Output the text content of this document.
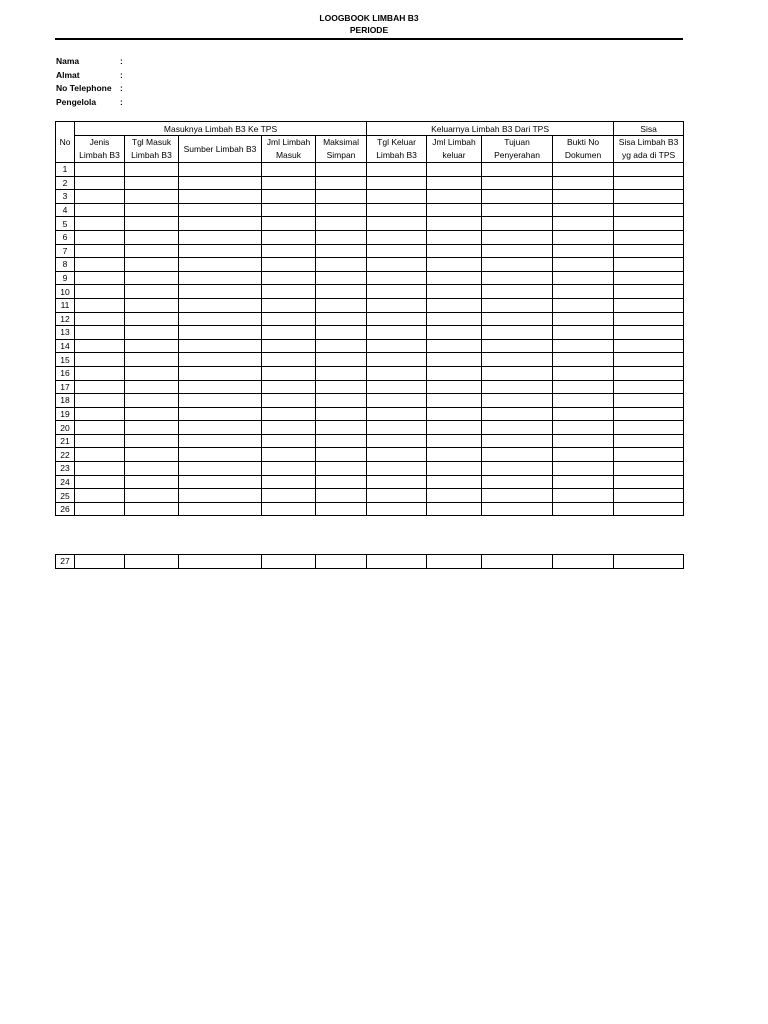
LOOGBOOK LIMBAH B3
PERIODE
Nama	:
Almat	:
No Telephone :
Pengelola	:
No	Masuknya Limbah B3 Ke TPS					Keluarnya Limbah B3 Dari TPS				Sisa
	Jenis Limbah B3	Tgl Masuk Limbah B3	Sumber Limbah B3	Jml Limbah Masuk	Maksimal Simpan	Tgl Keluar Limbah B3	Jml Limbah keluar	Tujuan Penyerahan	Bukti No Dokumen	Sisa Limbah B3 yg ada di TPS
1										
2										
3										
4										
5										
6										
7										
8										
9										
10										
11										
12										
13										
14										
15										
16										
17										
18										
19										
20										
21										
22										
23										
24										
25										
26										
27										
